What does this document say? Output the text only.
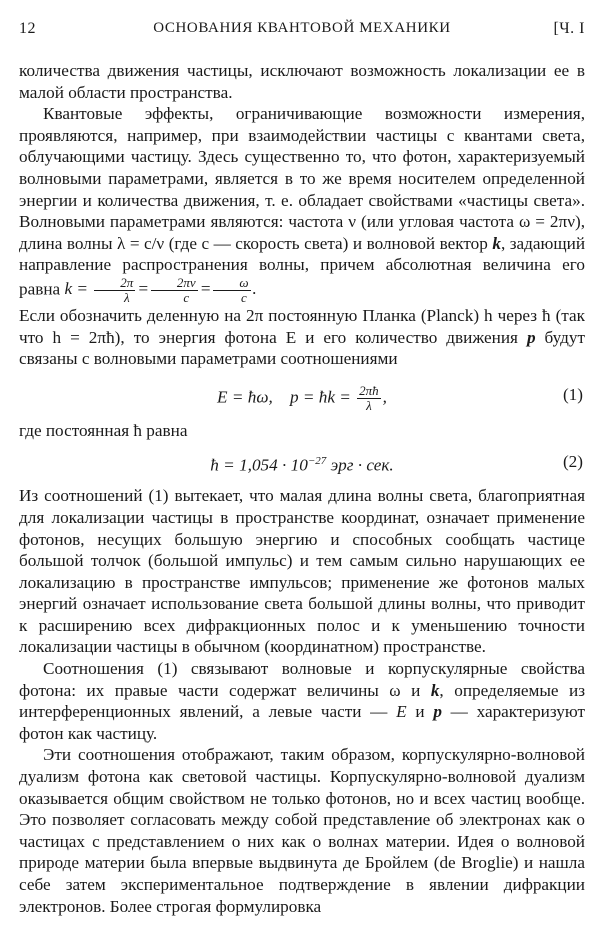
12	ОСНОВАНИЯ КВАНТОВОЙ МЕХАНИКИ	[Ч. I

количества движения частицы, исключают возможность локализации ее в малой области пространства.

Квантовые эффекты, ограничивающие возможности измерения, проявляются, например, при взаимодействии частицы с квантами света, облучающими частицу. Здесь существенно то, что фотон, характеризуемый волновыми параметрами, является в то же время носителем определенной энергии и количества движения, т. е. обладает свойствами «частицы света». Волновыми параметрами являются: частота ν (или угловая частота ω = 2πν), длина волны λ = c/ν (где c — скорость света) и волновой вектор k, задающий направление распространения волны, причем абсолютная величина его равна $k = \frac{2\pi}{\lambda} = \frac{2\pi\nu}{c} = \frac{\omega}{c}$ .

Если обозначить деленную на 2π постоянную Планка (Planck) h через ħ (так что h = 2πħ), то энергия фотона E и его количество движения p будут связаны с волновыми параметрами соотношениями

E = ħω, p = ħk = $\frac{2\pi ħ}{\lambda}$ ,	(1)

где постоянная ħ равна

ħ = $1,054 \cdot 10^{-27}$ эрг · сек.	(2)

Из соотношений (1) вытекает, что малая длина волны света, благоприятная для локализации частицы в пространстве координат, означает применение фотонов, несущих большую энергию и способных сообщать частице большой толчок (большой импульс) и тем самым сильно нарушающих ее локализацию в пространстве импульсов; применение же фотонов малых энергий означает использование света большой длины волны, что приводит к расширению всех дифракционных полос и к уменьшению точности локализации частицы в обычном (координатном) пространстве.

Соотношения (1) связывают волновые и корпускулярные свойства фотона: их правые части содержат величины ω и k, определяемые из интерференционных явлений, а левые части — E и p — характеризуют фотон как частицу.

Эти соотношения отображают, таким образом, корпускулярно-волновой дуализм фотона как световой частицы. Корпускулярно-волновой дуализм оказывается общим свойством не только фотонов, но и всех частиц вообще. Это позволяет согласовать между собой представление об электронах как о частицах с представлением о них как о волнах материи. Идея о волновой природе материи была впервые выдвинута де Бройлем (de Broglie) и нашла себе затем экспериментальное подтверждение в явлении дифракции электронов. Более строгая формулировка
